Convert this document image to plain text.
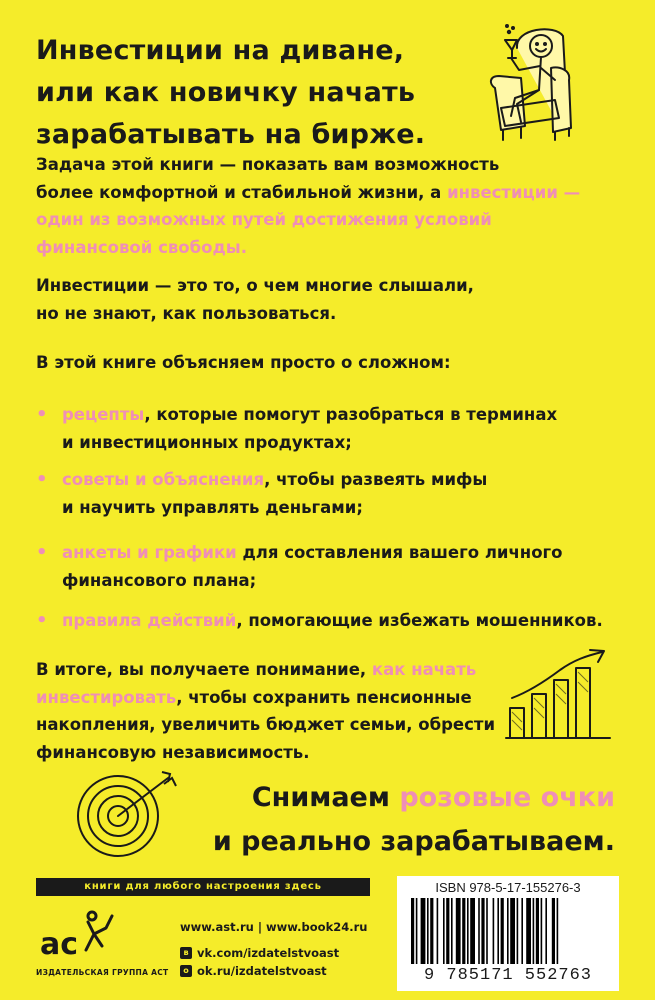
Инвестиции на диване,
или как новичку начать
зарабатывать на бирже.
Задача этой книги — показать вам возможность
более комфортной и стабильной жизни, а инвестиции —
один из возможных путей достижения условий
финансовой свободы.
Инвестиции — это то, о чем многие слышали,
но не знают, как пользоваться.
В этой книге объясняем просто о сложном:
• рецепты, которые помогут разобраться в терминах
и инвестиционных продуктах;
• советы и объяснения, чтобы развеять мифы
и научить управлять деньгами;
• анкеты и графики для составления вашего личного
финансового плана;
• правила действий, помогающие избежать мошенников.
В итоге, вы получаете понимание, как начать
инвестировать, чтобы сохранить пенсионные
накопления, увеличить бюджет семьи, обрести
финансовую независимость.
Снимаем розовые очки
и реально зарабатываем.
книги для любого настроения здесь
ac
ИЗДАТЕЛЬСКАЯ ГРУППА АСТ
www.ast.ru | www.book24.ru
в vk.com/izdatelstvoast
о ok.ru/izdatelstvoast
ISBN 978-5-17-155276-3
9 785171 552763
